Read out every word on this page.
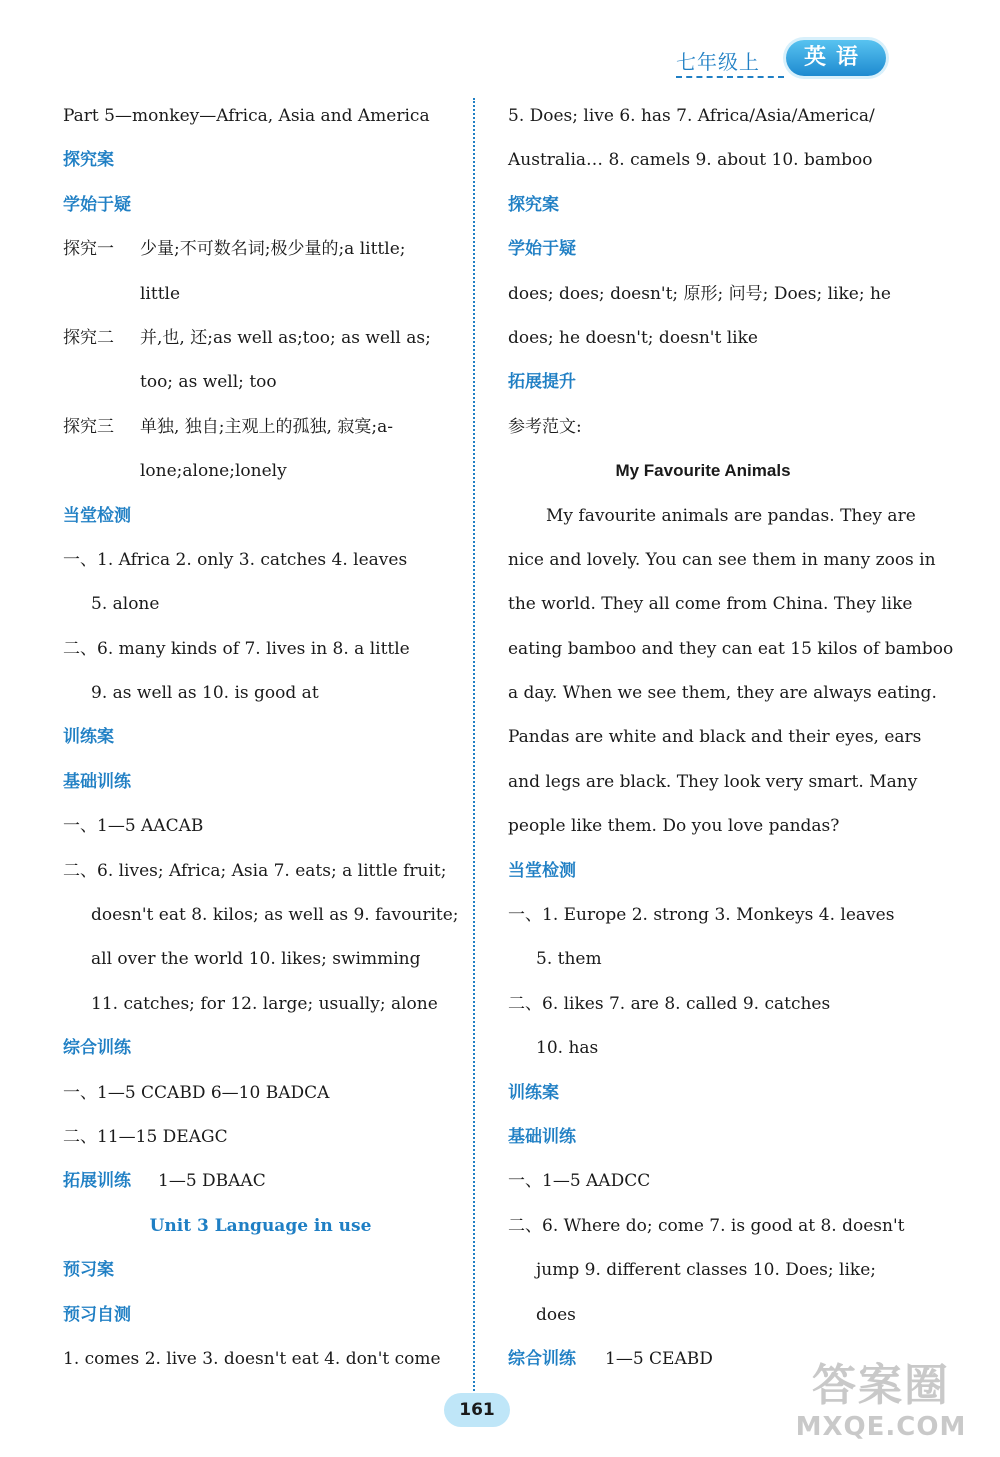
七年级上	英语
Part 5—monkey—Africa, Asia and America
探究案
学始于疑
探究一 少量;不可数名词;极少量的;a little;
little
探究二 并,也, 还;as well as;too; as well as;
too; as well; too
探究三 单独, 独自;主观上的孤独, 寂寞;a-
lone;alone;lonely
当堂检测
一、1. Africa 2. only 3. catches 4. leaves
5. alone
二、6. many kinds of 7. lives in 8. a little
9. as well as 10. is good at
训练案
基础训练
一、1—5 AACAB
二、6. lives; Africa; Asia 7. eats; a little fruit;
doesn't eat 8. kilos; as well as 9. favourite;
all over the world 10. likes; swimming
11. catches; for 12. large; usually; alone
综合训练
一、1—5 CCABD 6—10 BADCA
二、11—15 DEAGC
拓展训练 1—5 DBAAC
Unit 3 Language in use
预习案
预习自测
1. comes 2. live 3. doesn't eat 4. don't come
5. Does; live 6. has 7. Africa/Asia/America/
Australia… 8. camels 9. about 10. bamboo
探究案
学始于疑
does; does; doesn't; 原形; 问号; Does; like; he
does; he doesn't; doesn't like
拓展提升
参考范文:
My Favourite Animals
My favourite animals are pandas. They are
nice and lovely. You can see them in many zoos in
the world. They all come from China. They like
eating bamboo and they can eat 15 kilos of bamboo
a day. When we see them, they are always eating.
Pandas are white and black and their eyes, ears
and legs are black. They look very smart. Many
people like them. Do you love pandas?
当堂检测
一、1. Europe 2. strong 3. Monkeys 4. leaves
5. them
二、6. likes 7. are 8. called 9. catches
10. has
训练案
基础训练
一、1—5 AADCC
二、6. Where do; come 7. is good at 8. doesn't
jump 9. different classes 10. Does; like;
does
综合训练 1—5 CEABD
161	答案圈
MXQE.COM
